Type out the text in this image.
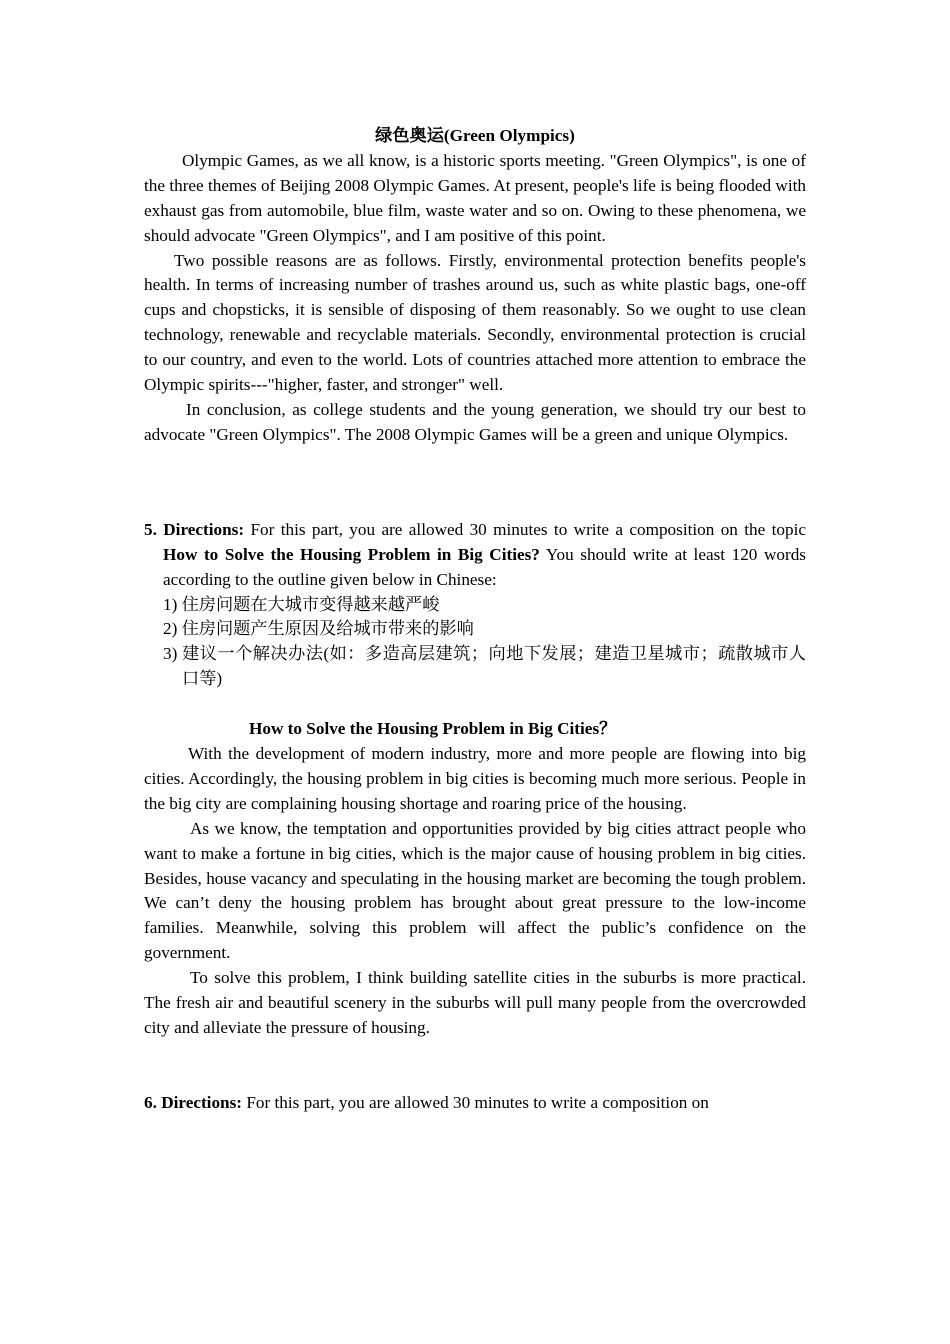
绿色奥运(Green Olympics)

Olympic Games, as we all know, is a historic sports meeting. "Green Olympics", is one of the three themes of Beijing 2008 Olympic Games. At present, people's life is being flooded with exhaust gas from automobile, blue film, waste water and so on. Owing to these phenomena, we should advocate "Green Olympics", and I am positive of this point.

Two possible reasons are as follows. Firstly, environmental protection benefits people's health. In terms of increasing number of trashes around us, such as white plastic bags, one-off cups and chopsticks, it is sensible of disposing of them reasonably. So we ought to use clean technology, renewable and recyclable materials. Secondly, environmental protection is crucial to our country, and even to the world. Lots of countries attached more attention to embrace the Olympic spirits---"higher, faster, and stronger" well.

In conclusion, as college students and the young generation, we should try our best to advocate "Green Olympics". The 2008 Olympic Games will be a green and unique Olympics.

5. Directions: For this part, you are allowed 30 minutes to write a composition on the topic How to Solve the Housing Problem in Big Cities? You should write at least 120 words according to the outline given below in Chinese:

1) 住房问题在大城市变得越来越严峻

2) 住房问题产生原因及给城市带来的影响

3) 建议一个解决办法(如：多造高层建筑；向地下发展；建造卫星城市；疏散城市人口等)

How to Solve the Housing Problem in Big Cities？

With the development of modern industry, more and more people are flowing into big cities. Accordingly, the housing problem in big cities is becoming much more serious. People in the big city are complaining housing shortage and roaring price of the housing.

As we know, the temptation and opportunities provided by big cities attract people who want to make a fortune in big cities, which is the major cause of housing problem in big cities. Besides, house vacancy and speculating in the housing market are becoming the tough problem. We can’t deny the housing problem has brought about great pressure to the low-income families. Meanwhile, solving this problem will affect the public’s confidence on the government.

To solve this problem, I think building satellite cities in the suburbs is more practical. The fresh air and beautiful scenery in the suburbs will pull many people from the overcrowded city and alleviate the pressure of housing.

6. Directions: For this part, you are allowed 30 minutes to write a composition on
